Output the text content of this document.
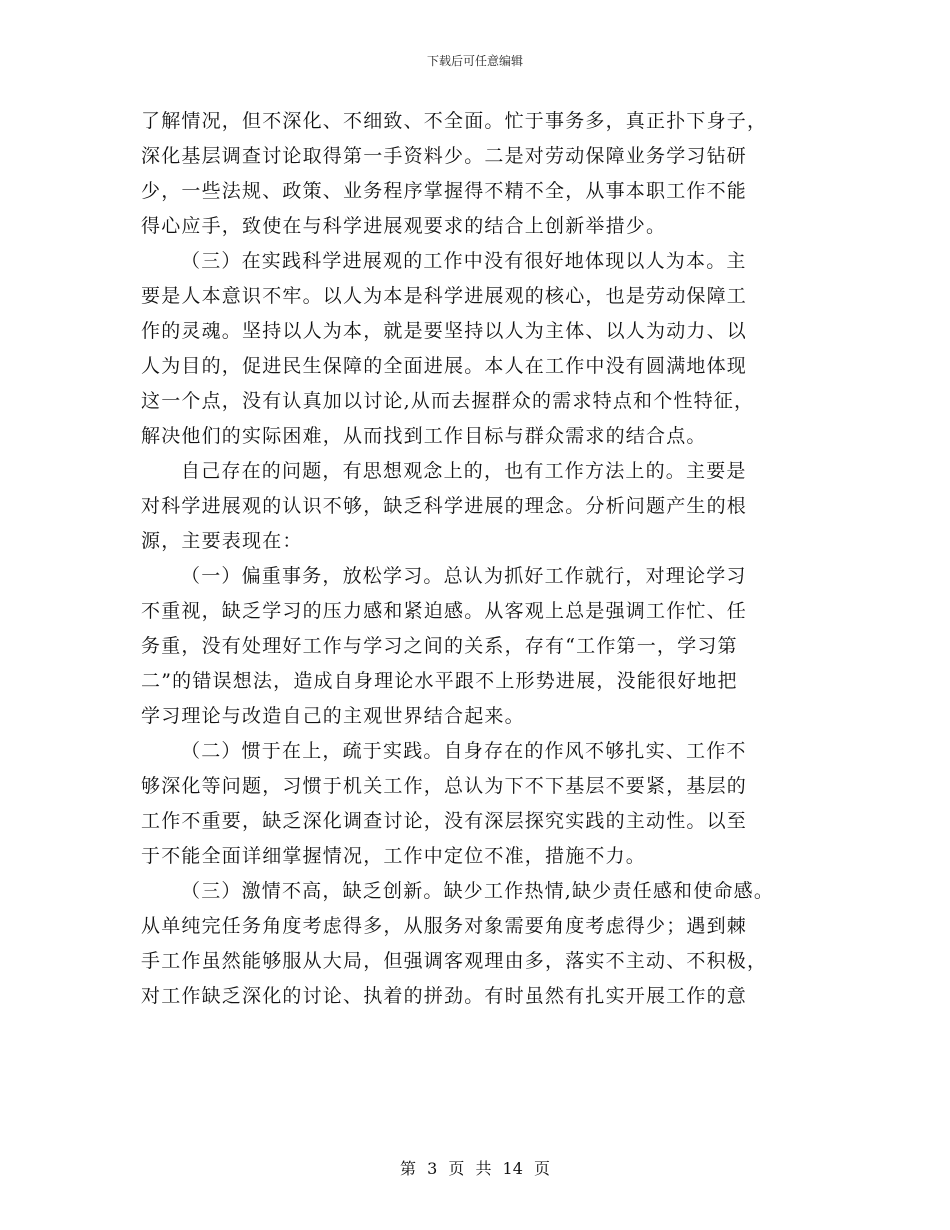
下载后可任意编辑

了解情况，但不深化、不细致、不全面。忙于事务多，真正扑下身子，
深化基层调查讨论取得第一手资料少。二是对劳动保障业务学习钻研
少，一些法规、政策、业务程序掌握得不精不全，从事本职工作不能
得心应手，致使在与科学进展观要求的结合上创新举措少。

（三）在实践科学进展观的工作中没有很好地体现以人为本。主
要是人本意识不牢。以人为本是科学进展观的核心，也是劳动保障工
作的灵魂。坚持以人为本，就是要坚持以人为主体、以人为动力、以
人为目的，促进民生保障的全面进展。本人在工作中没有圆满地体现
这一个点，没有认真加以讨论,从而去握群众的需求特点和个性特征，
解决他们的实际困难，从而找到工作目标与群众需求的结合点。

自己存在的问题，有思想观念上的，也有工作方法上的。主要是
对科学进展观的认识不够，缺乏科学进展的理念。分析问题产生的根
源，主要表现在：

（一）偏重事务，放松学习。总认为抓好工作就行，对理论学习
不重视，缺乏学习的压力感和紧迫感。从客观上总是强调工作忙、任
务重，没有处理好工作与学习之间的关系，存有“工作第一，学习第
二”的错误想法，造成自身理论水平跟不上形势进展，没能很好地把
学习理论与改造自己的主观世界结合起来。

（二）惯于在上，疏于实践。自身存在的作风不够扎实、工作不
够深化等问题，习惯于机关工作，总认为下不下基层不要紧，基层的
工作不重要，缺乏深化调查讨论，没有深层探究实践的主动性。以至
于不能全面详细掌握情况，工作中定位不准，措施不力。

（三）激情不高，缺乏创新。缺少工作热情,缺少责任感和使命感。
从单纯完任务角度考虑得多，从服务对象需要角度考虑得少；遇到棘
手工作虽然能够服从大局，但强调客观理由多，落实不主动、不积极，
对工作缺乏深化的讨论、执着的拼劲。有时虽然有扎实开展工作的意

第 3 页 共 14 页
